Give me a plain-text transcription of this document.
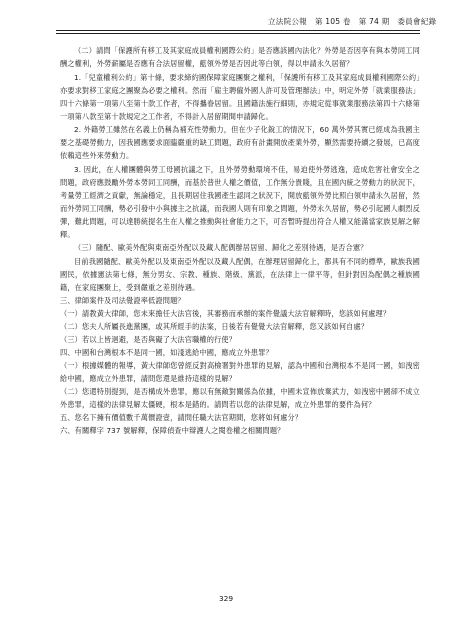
立法院公報 第 105 卷 第 74 期 委員會紀錄

（二）請問「保護所有移工及其家庭成員權利國際公約」是否應該國內法化？外勞是否因享有與本勞同工同酬之權利，外勞薪屬是否應有合法居留權，藍領外勞是否因此等白領，得以申請永久居留？

1.「兒童權利公約」第十條，要求締約國保障家庭團聚之權利，「保護所有移工及其家庭成員權利國際公約」亦要求對移工家庭之團聚為必要之權利。然而「雇主聘僱外國人許可及管理辦法」中，明定外勞「就業服務法」四十六條第一項第八至第十款工作者，不得攜眷居留。且國籍法施行細則，亦規定從事就業服務法第四十六條第一項第八款至第十款規定之工作者，不得計入居留期間申請歸化。

2. 外籍勞工雖然在名義上仍稱為補充性勞動力，但在少子化銳工的情況下，60 萬外勞其實已經成為我國主要之基礎勞動力，因我國應要求面臨嚴重的缺工問題，政府有計畫開放產業外勞，顯然需要持續之發展，已高度依賴這些外來勞動力。

3. 因此，在人權團體與勞工母國抗議之下，且外勞勞動環境不佳，易迫使外勞逃逸，造成危害社會安全之問題，政府應鼓勵外勞本勞同工同酬，而基於普世人權之價值，工作無分貴賤，且在國內統之勞動力的狀況下，考量勞工經濟之貢獻，無論穩定，且長期居住我國產生認同之狀況下，開放藍領外勞比照白領申請永久居留，然而外勞同工同酬，勢必引發中小與據主之抗議，而我國人則有印象之問題，外勞永久居留，勢必引起國人劇烈反彈，難此問題，可以達勝統提名生在人權之推動與社會能力之下，可否暫時提出符合人權又能滿當家族見解之解釋。

（三）隨配、歐美外配與東南亞外配以及藏人配偶辦居居留、歸化之差別待遇，是否合憲？

目前我國隨配、歐美外配以及東南亞外配以及藏人配偶，在辦理居留歸化上，都具有不同的標準，歐族我國國民，依據憲法第七條，無分男女、宗教、種族、階級、黨派，在法律上一律平等，但針對因為配偶之種族國籍，在家庭團聚上，受到嚴重之差別待遇。

三、律師案件及司法覺證率低證問題？

（一）請教黃大律師，您未來擔任大法官後，其審務而承辦的案件覺議大法官解釋時，您該如何處理？

（二）您夫人所屬長進黨團，或其所經手的法案，日後若有覺覺大法官解釋，您又該如何自處？

（三）若以上皆迴避，是否與礙了大法官職權的行使？

四、中國和台灣根本不是同一國，如淺逃給中國，應成立外患罪？

（一）根據媒體的報導，黃大律師您曾經反對高檢署對外患罪的見解，認為中國和台灣根本不是同一國，如洩密給中國，應成立外患罪，請問您還是維持這樣的見解？

（二）您還特別提到，是否構成外患罪，應以有無敵對關係為依據，中國未宣佈放棄武力，如洩密中國卻不成立外患罪，這樣的法律見解太僵硬，根本是錯的。請問若以您的法律見解，成立外患罪的要件為何？

五、您名下擁有價值數千萬價證壹，請問任職大法官期間，您將如何處分？

六、有關釋字 737 號解釋，保障偵查中辯護人之閱卷權之相關問題？

329
